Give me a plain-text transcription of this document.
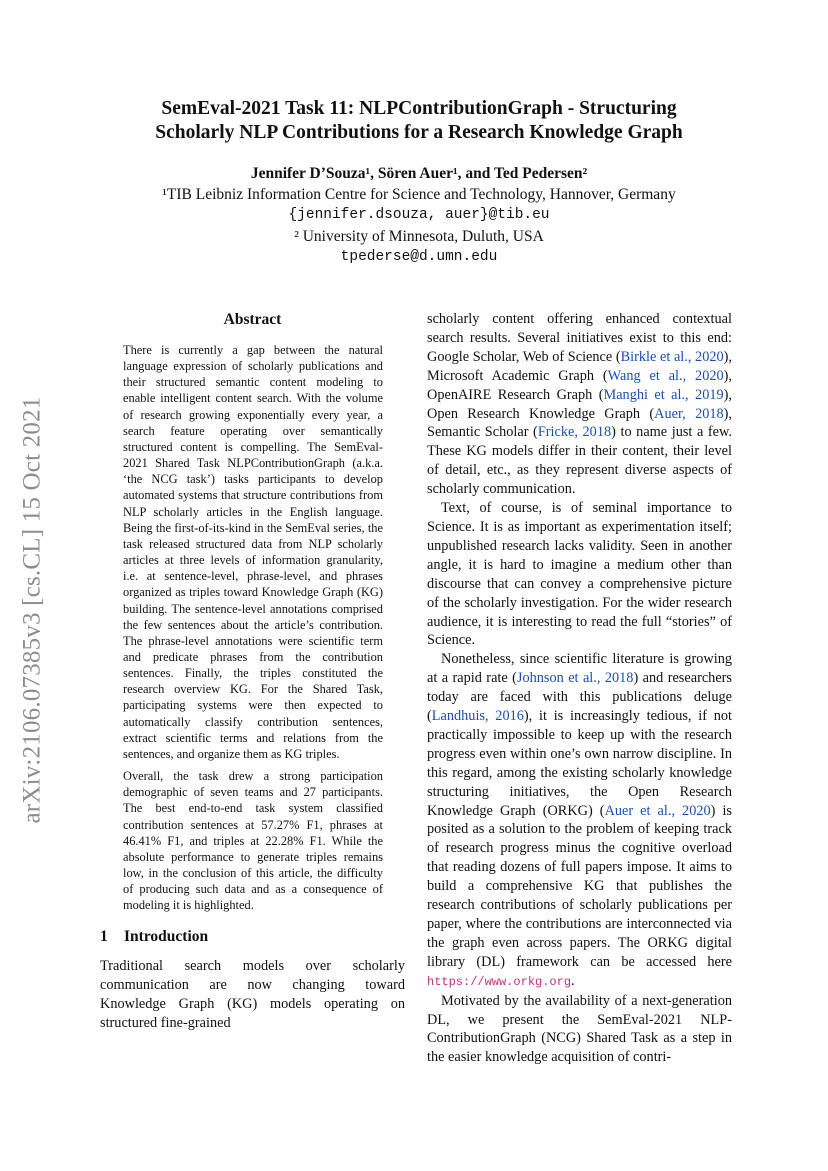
arXiv:2106.07385v3 [cs.CL] 15 Oct 2021
SemEval-2021 Task 11: NLPContributionGraph - Structuring
Scholarly NLP Contributions for a Research Knowledge Graph
Jennifer D’Souza¹, Sören Auer¹, and Ted Pedersen²
¹TIB Leibniz Information Centre for Science and Technology, Hannover, Germany
{jennifer.dsouza, auer}@tib.eu
² University of Minnesota, Duluth, USA
tpederse@d.umn.edu
Abstract

There is currently a gap between the natural language expression of scholarly publications and their structured semantic content modeling to enable intelligent content search. With the volume of research growing exponentially every year, a search feature operating over semantically structured content is compelling. The SemEval-2021 Shared Task NLPContributionGraph (a.k.a. ‘the NCG task’) tasks participants to develop automated systems that structure contributions from NLP scholarly articles in the English language. Being the first-of-its-kind in the SemEval series, the task released structured data from NLP scholarly articles at three levels of information granularity, i.e. at sentence-level, phrase-level, and phrases organized as triples toward Knowledge Graph (KG) building. The sentence-level annotations comprised the few sentences about the article’s contribution. The phrase-level annotations were scientific term and predicate phrases from the contribution sentences. Finally, the triples constituted the research overview KG. For the Shared Task, participating systems were then expected to automatically classify contribution sentences, extract scientific terms and relations from the sentences, and organize them as KG triples.

Overall, the task drew a strong participation demographic of seven teams and 27 participants. The best end-to-end task system classified contribution sentences at 57.27% F1, phrases at 46.41% F1, and triples at 22.28% F1. While the absolute performance to generate triples remains low, in the conclusion of this article, the difficulty of producing such data and as a consequence of modeling it is highlighted.

1 Introduction

Traditional search models over scholarly communication are now changing toward Knowledge Graph (KG) models operating on structured fine-grained

scholarly content offering enhanced contextual search results. Several initiatives exist to this end: Google Scholar, Web of Science (Birkle et al., 2020), Microsoft Academic Graph (Wang et al., 2020), OpenAIRE Research Graph (Manghi et al., 2019), Open Research Knowledge Graph (Auer, 2018), Semantic Scholar (Fricke, 2018) to name just a few. These KG models differ in their content, their level of detail, etc., as they represent diverse aspects of scholarly communication.

Text, of course, is of seminal importance to Science. It is as important as experimentation itself; unpublished research lacks validity. Seen in another angle, it is hard to imagine a medium other than discourse that can convey a comprehensive picture of the scholarly investigation. For the wider research audience, it is interesting to read the full “stories” of Science.

Nonetheless, since scientific literature is growing at a rapid rate (Johnson et al., 2018) and researchers today are faced with this publications deluge (Landhuis, 2016), it is increasingly tedious, if not practically impossible to keep up with the research progress even within one’s own narrow discipline. In this regard, among the existing scholarly knowledge structuring initiatives, the Open Research Knowledge Graph (ORKG) (Auer et al., 2020) is posited as a solution to the problem of keeping track of research progress minus the cognitive overload that reading dozens of full papers impose. It aims to build a comprehensive KG that publishes the research contributions of scholarly publications per paper, where the contributions are interconnected via the graph even across papers. The ORKG digital library (DL) framework can be accessed here https://www.orkg.org.

Motivated by the availability of a next-generation DL, we present the SemEval-2021 NLP-ContributionGraph (NCG) Shared Task as a step in the easier knowledge acquisition of contri-
